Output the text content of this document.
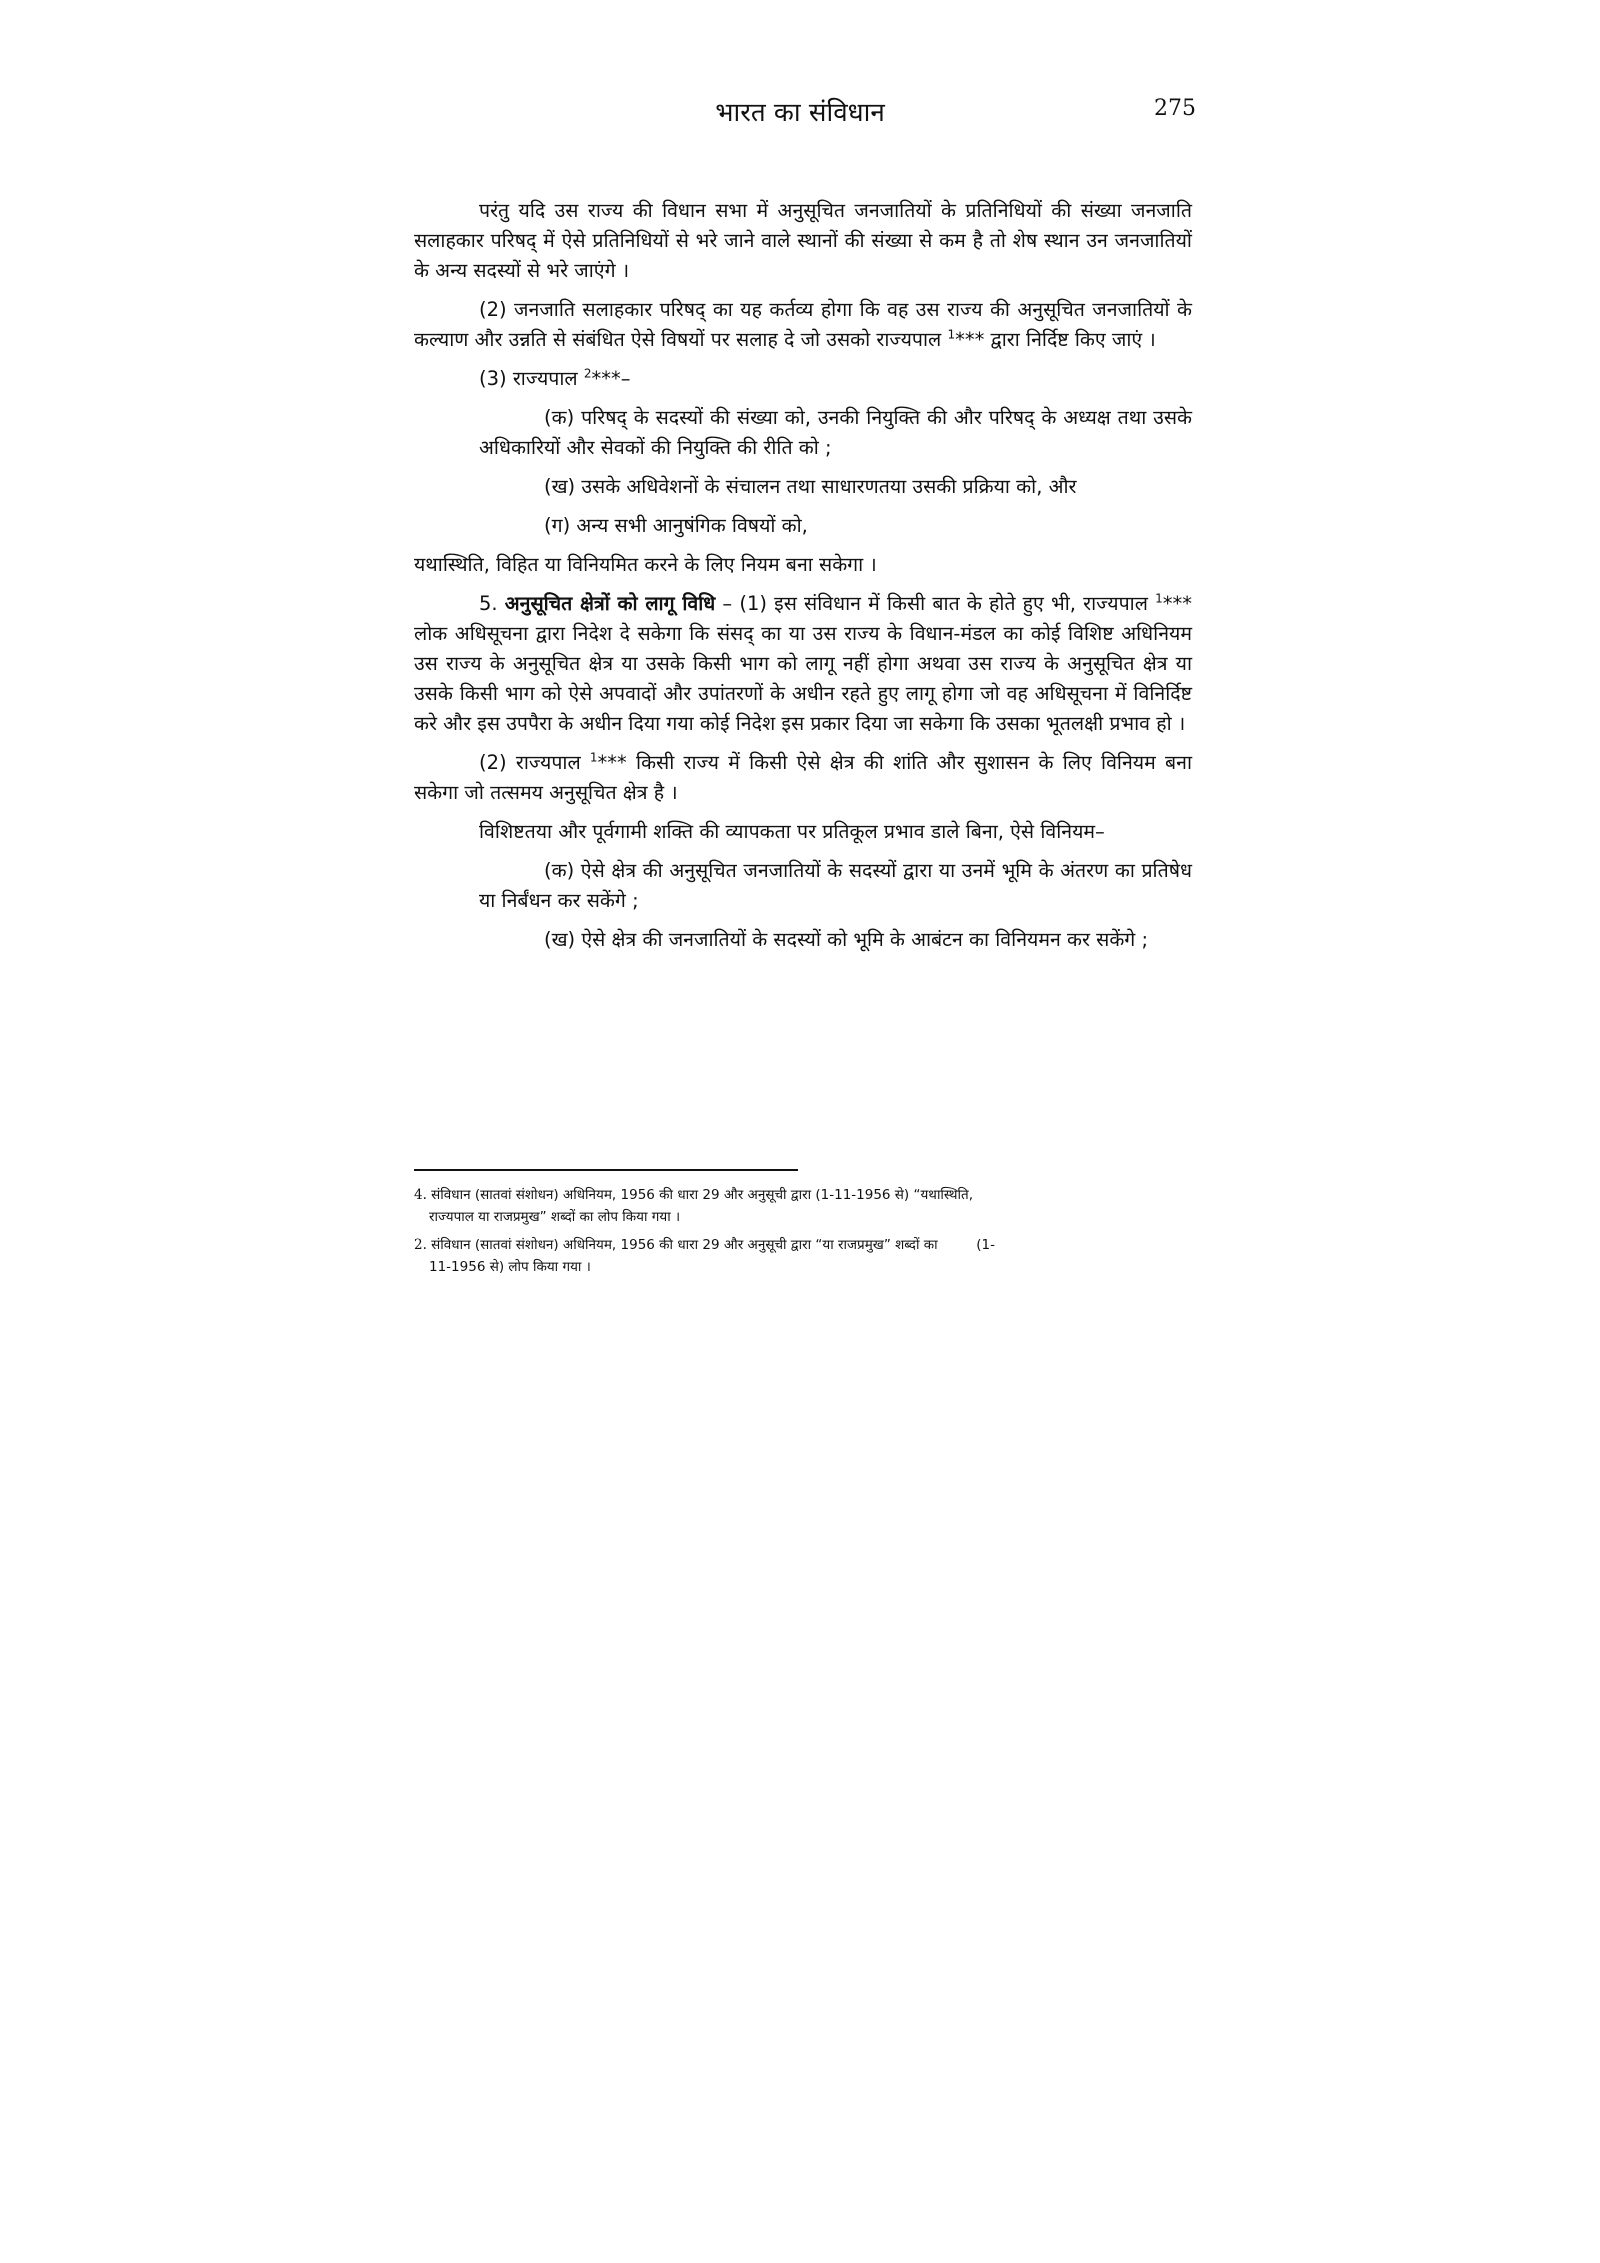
भारत का संविधान	275

परंतु यदि उस राज्य की विधान सभा में अनुसूचित जनजातियों के प्रतिनिधियों की संख्या जनजाति सलाहकार परिषद् में ऐसे प्रतिनिधियों से भरे जाने वाले स्थानों की संख्या से कम है तो शेष स्थान उन जनजातियों के अन्य सदस्यों से भरे जाएंगे ।

(2) जनजाति सलाहकार परिषद् का यह कर्तव्य होगा कि वह उस राज्य की अनुसूचित जनजातियों के कल्याण और उन्नति से संबंधित ऐसे विषयों पर सलाह दे जो उसको राज्यपाल $^1$*** द्वारा निर्दिष्ट किए जाएं ।

(3) राज्यपाल $^2$***–

(क) परिषद् के सदस्यों की संख्या को, उनकी नियुक्ति की और परिषद् के अध्यक्ष तथा उसके अधिकारियों और सेवकों की नियुक्ति की रीति को ;

(ख) उसके अधिवेशनों के संचालन तथा साधारणतया उसकी प्रक्रिया को, और

(ग) अन्य सभी आनुषंगिक विषयों को,

यथास्थिति, विहित या विनियमित करने के लिए नियम बना सकेगा ।

5. अनुसूचित क्षेत्रों को लागू विधि – (1) इस संविधान में किसी बात के होते हुए भी, राज्यपाल $^1$*** लोक अधिसूचना द्वारा निदेश दे सकेगा कि संसद् का या उस राज्य के विधान-मंडल का कोई विशिष्ट अधिनियम उस राज्य के अनुसूचित क्षेत्र या उसके किसी भाग को लागू नहीं होगा अथवा उस राज्य के अनुसूचित क्षेत्र या उसके किसी भाग को ऐसे अपवादों और उपांतरणों के अधीन रहते हुए लागू होगा जो वह अधिसूचना में विनिर्दिष्ट करे और इस उपपैरा के अधीन दिया गया कोई निदेश इस प्रकार दिया जा सकेगा कि उसका भूतलक्षी प्रभाव हो ।

(2) राज्यपाल $^1$*** किसी राज्य में किसी ऐसे क्षेत्र की शांति और सुशासन के लिए विनियम बना सकेगा जो तत्समय अनुसूचित क्षेत्र है ।

विशिष्टतया और पूर्वगामी शक्ति की व्यापकता पर प्रतिकूल प्रभाव डाले बिना, ऐसे विनियम–

(क) ऐसे क्षेत्र की अनुसूचित जनजातियों के सदस्यों द्वारा या उनमें भूमि के अंतरण का प्रतिषेध या निर्बंधन कर सकेंगे ;

(ख) ऐसे क्षेत्र की जनजातियों के सदस्यों को भूमि के आबंटन का विनियमन कर सकेंगे ;

4. संविधान (सातवां संशोधन) अधिनियम, 1956 की धारा 29 और अनुसूची द्वारा (1-11-1956 से) “यथास्थिति,
राज्यपाल या राजप्रमुख” शब्दों का लोप किया गया ।

2. संविधान (सातवां संशोधन) अधिनियम, 1956 की धारा 29 और अनुसूची द्वारा “या राजप्रमुख” शब्दों का         (1-
11-1956 से) लोप किया गया ।
